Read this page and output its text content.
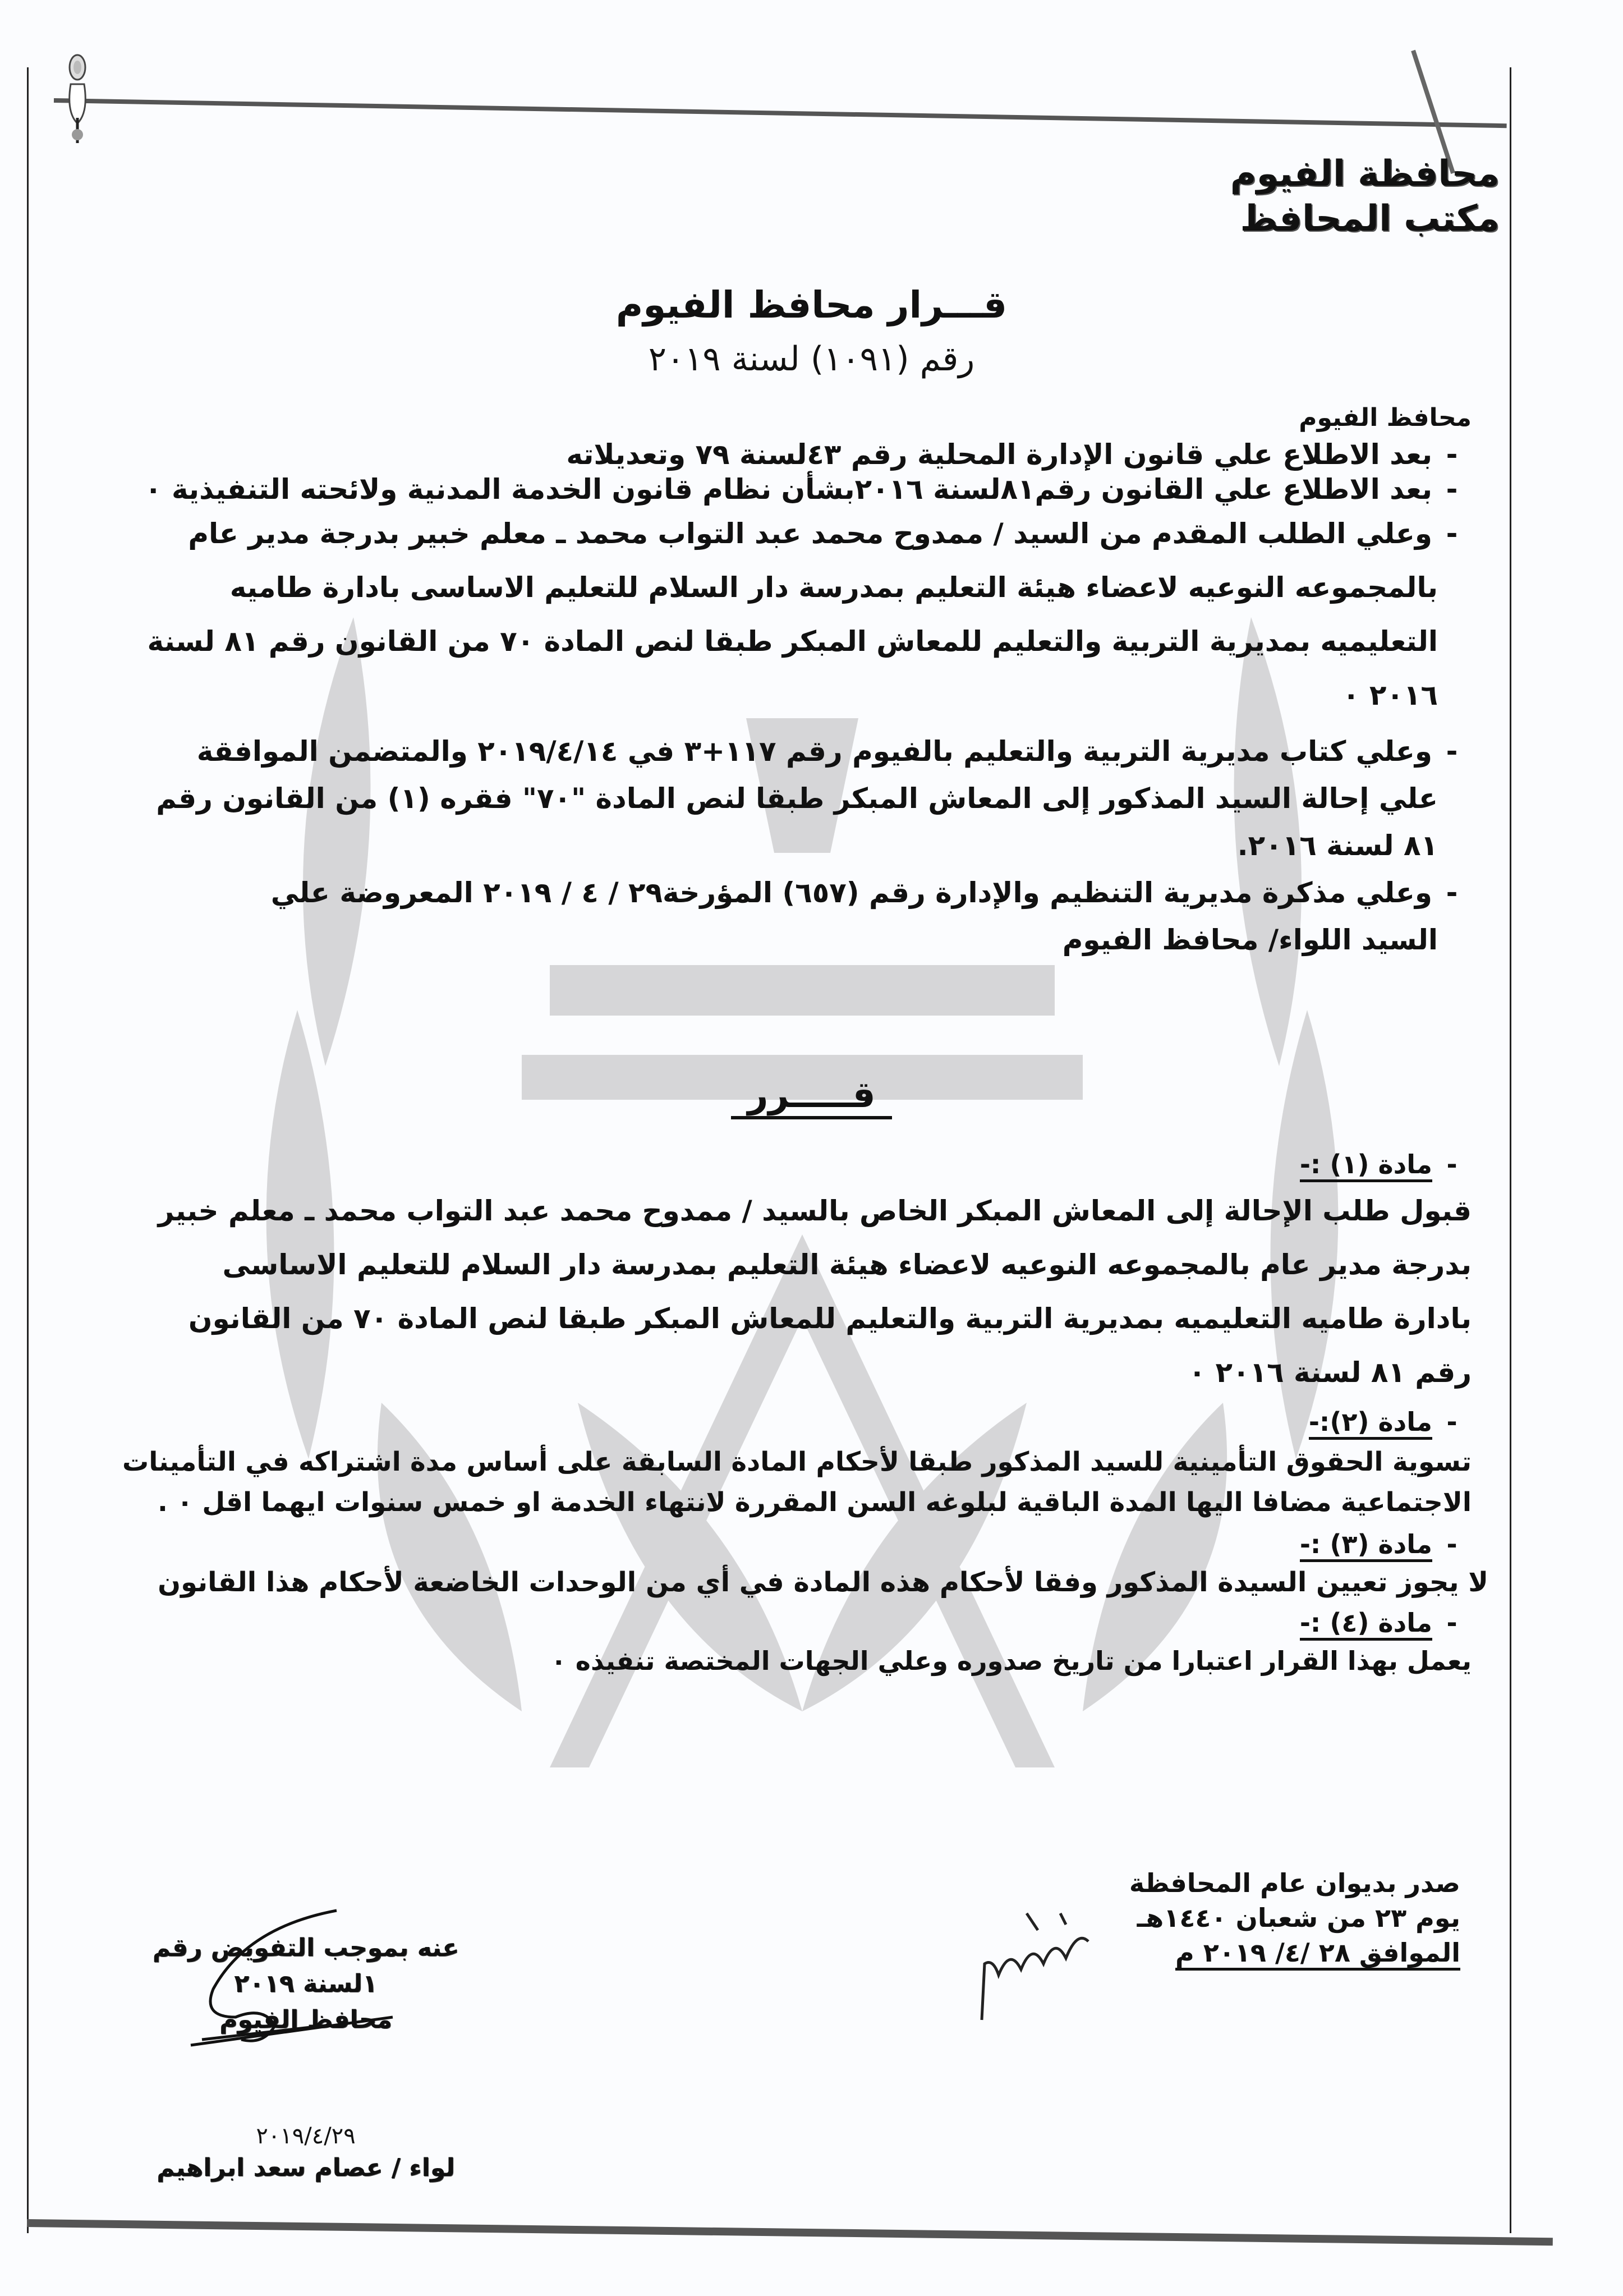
محافظة الفيوم
مكتب المحافظ
قـــرار محافظ الفيوم
رقم (١٠٩١) لسنة ٢٠١٩
محافظ الفيوم
- بعد الاطلاع علي قانون الإدارة المحلية رقم ٤٣لسنة ٧٩ وتعديلاته
- بعد الاطلاع علي القانون رقم٨١لسنة ٢٠١٦بشأن نظام قانون الخدمة المدنية ولائحته التنفيذية ٠
- وعلي الطلب المقدم من السيد / ممدوح محمد عبد التواب محمد ـ معلم خبير بدرجة مدير عام
بالمجموعه النوعيه لاعضاء هيئة التعليم بمدرسة دار السلام للتعليم الاساسى بادارة طاميه
التعليميه بمديرية التربية والتعليم للمعاش المبكر طبقا لنص المادة ٧٠ من القانون رقم ٨١ لسنة
٢٠١٦ ٠
- وعلي كتاب مديرية التربية والتعليم بالفيوم رقم ١١٧+٣ في ٢٠١٩/٤/١٤ والمتضمن الموافقة
علي إحالة السيد المذكور إلى المعاش المبكر طبقا لنص المادة "٧٠" فقره (١) من القانون رقم
٨١ لسنة ٢٠١٦.
- وعلي مذكرة مديرية التنظيم والإدارة رقم (٦٥٧) المؤرخة٢٩ / ٤ / ٢٠١٩ المعروضة علي
السيد اللواء/ محافظ الفيوم
قـــــرر
- مادة (١) :-
قبول طلب الإحالة إلى المعاش المبكر الخاص بالسيد / ممدوح محمد عبد التواب محمد ـ معلم خبير
بدرجة مدير عام بالمجموعه النوعيه لاعضاء هيئة التعليم بمدرسة دار السلام للتعليم الاساسى
بادارة طاميه التعليميه بمديرية التربية والتعليم للمعاش المبكر طبقا لنص المادة ٧٠ من القانون
رقم ٨١ لسنة ٢٠١٦ ٠
- مادة (٢):-
تسوية الحقوق التأمينية للسيد المذكور طبقا لأحكام المادة السابقة على أساس مدة اشتراكه في التأمينات
الاجتماعية مضافا اليها المدة الباقية لبلوغه السن المقررة لانتهاء الخدمة او خمس سنوات ايهما اقل ٠ .
- مادة (٣) :-
لا يجوز تعيين السيدة المذكور وفقا لأحكام هذه المادة في أي من الوحدات الخاضعة لأحكام هذا القانون
- مادة (٤) :-
يعمل بهذا القرار اعتبارا من تاريخ صدوره وعلي الجهات المختصة تنفيذه ٠
صدر بديوان عام المحافظة
يوم ٢٣ من شعبان ١٤٤٠هـ
الموافق ٢٨ /٤/ ٢٠١٩ م
عنه بموجب التفويض رقم ١لسنة ٢٠١٩
محافظ الفيوم
٢٠١٩/٤/٢٩
لواء / عصام سعد ابراهيم
